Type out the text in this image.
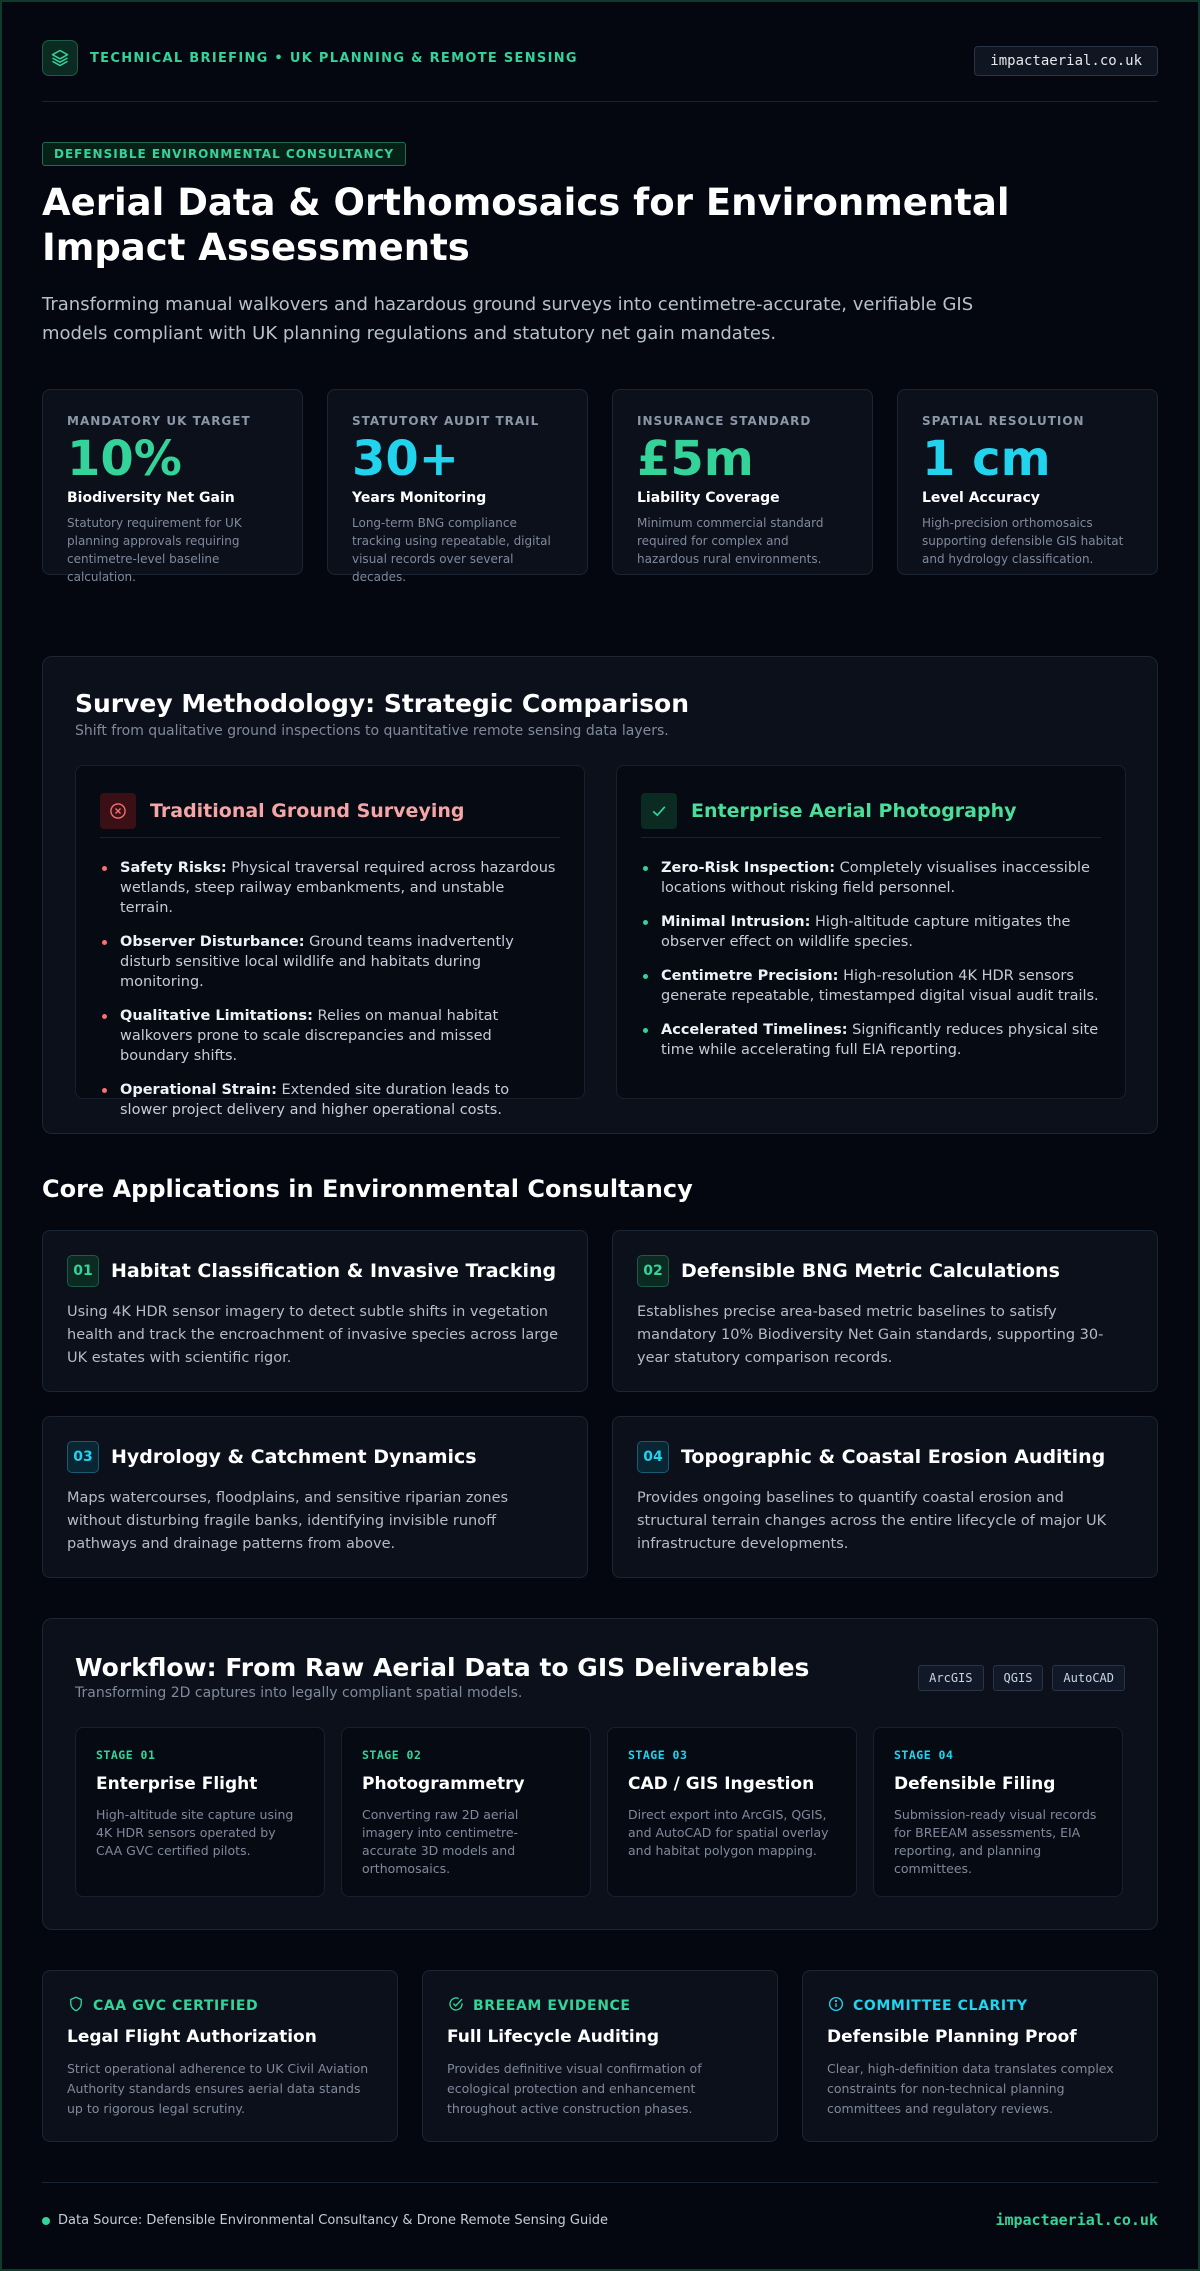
TECHNICAL BRIEFING • UK PLANNING & REMOTE SENSING	impactaerial.co.uk
DEFENSIBLE ENVIRONMENTAL CONSULTANCY
Aerial Data & Orthomosaics for Environmental Impact Assessments
Transforming manual walkovers and hazardous ground surveys into centimetre-accurate, verifiable GIS models compliant with UK planning regulations and statutory net gain mandates.
MANDATORY UK TARGET
10%
Biodiversity Net Gain
Statutory requirement for UK planning approvals requiring centimetre-level baseline calculation.
STATUTORY AUDIT TRAIL
30+
Years Monitoring
Long-term BNG compliance tracking using repeatable, digital visual records over several decades.
INSURANCE STANDARD
£5m
Liability Coverage
Minimum commercial standard required for complex and hazardous rural environments.
SPATIAL RESOLUTION
1 cm
Level Accuracy
High-precision orthomosaics supporting defensible GIS habitat and hydrology classification.
Survey Methodology: Strategic Comparison
Shift from qualitative ground inspections to quantitative remote sensing data layers.
Traditional Ground Surveying
Safety Risks: Physical traversal required across hazardous wetlands, steep railway embankments, and unstable terrain.
Observer Disturbance: Ground teams inadvertently disturb sensitive local wildlife and habitats during monitoring.
Qualitative Limitations: Relies on manual habitat walkovers prone to scale discrepancies and missed boundary shifts.
Operational Strain: Extended site duration leads to slower project delivery and higher operational costs.
Enterprise Aerial Photography
Zero-Risk Inspection: Completely visualises inaccessible locations without risking field personnel.
Minimal Intrusion: High-altitude capture mitigates the observer effect on wildlife species.
Centimetre Precision: High-resolution 4K HDR sensors generate repeatable, timestamped digital visual audit trails.
Accelerated Timelines: Significantly reduces physical site time while accelerating full EIA reporting.
Core Applications in Environmental Consultancy
01 Habitat Classification & Invasive Tracking
Using 4K HDR sensor imagery to detect subtle shifts in vegetation health and track the encroachment of invasive species across large UK estates with scientific rigor.
02 Defensible BNG Metric Calculations
Establishes precise area-based metric baselines to satisfy mandatory 10% Biodiversity Net Gain standards, supporting 30-year statutory comparison records.
03 Hydrology & Catchment Dynamics
Maps watercourses, floodplains, and sensitive riparian zones without disturbing fragile banks, identifying invisible runoff pathways and drainage patterns from above.
04 Topographic & Coastal Erosion Auditing
Provides ongoing baselines to quantify coastal erosion and structural terrain changes across the entire lifecycle of major UK infrastructure developments.
Workflow: From Raw Aerial Data to GIS Deliverables
Transforming 2D captures into legally compliant spatial models.
ArcGIS	QGIS	AutoCAD
STAGE 01
Enterprise Flight
High-altitude site capture using 4K HDR sensors operated by CAA GVC certified pilots.
STAGE 02
Photogrammetry
Converting raw 2D aerial imagery into centimetre-accurate 3D models and orthomosaics.
STAGE 03
CAD / GIS Ingestion
Direct export into ArcGIS, QGIS, and AutoCAD for spatial overlay and habitat polygon mapping.
STAGE 04
Defensible Filing
Submission-ready visual records for BREEAM assessments, EIA reporting, and planning committees.
CAA GVC CERTIFIED
Legal Flight Authorization
Strict operational adherence to UK Civil Aviation Authority standards ensures aerial data stands up to rigorous legal scrutiny.
BREEAM EVIDENCE
Full Lifecycle Auditing
Provides definitive visual confirmation of ecological protection and enhancement throughout active construction phases.
COMMITTEE CLARITY
Defensible Planning Proof
Clear, high-definition data translates complex constraints for non-technical planning committees and regulatory reviews.
Data Source: Defensible Environmental Consultancy & Drone Remote Sensing Guide	impactaerial.co.uk
